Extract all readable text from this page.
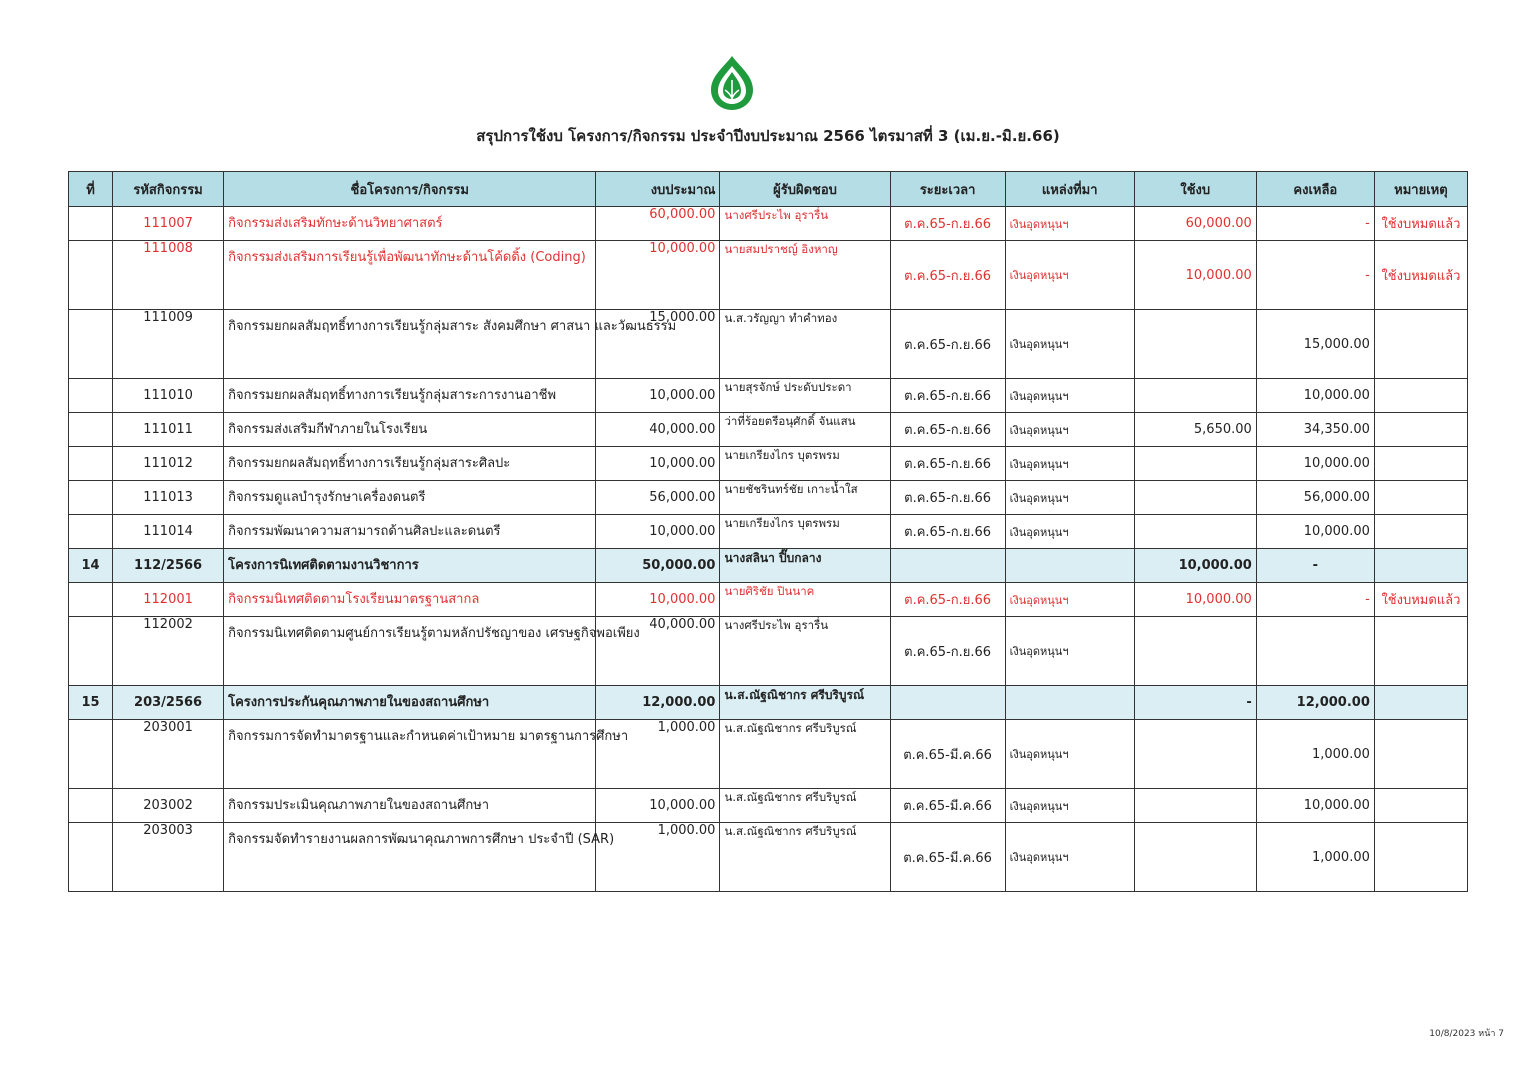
สรุปการใช้งบ โครงการ/กิจกรรม ประจำปีงบประมาณ 2566 ไตรมาสที่ 3 (เม.ย.-มิ.ย.66)
ที่	รหัสกิจกรรม	ชื่อโครงการ/กิจกรรม	งบประมาณ	ผู้รับผิดชอบ	ระยะเวลา	แหล่งที่มา	ใช้งบ	คงเหลือ	หมายเหตุ
	111007	กิจกรรมส่งเสริมทักษะด้านวิทยาศาสตร์	60,000.00	นางศรีประไพ อุรารื่น	ต.ค.65-ก.ย.66	เงินอุดหนุนฯ	60,000.00	-	ใช้งบหมดแล้ว
	111008	กิจกรรมส่งเสริมการเรียนรู้เพื่อพัฒนาทักษะด้านโค้ดดิ้ง (Coding)	10,000.00	นายสมปราชญ์ อิงหาญ	ต.ค.65-ก.ย.66	เงินอุดหนุนฯ	10,000.00	-	ใช้งบหมดแล้ว
	111009	กิจกรรมยกผลสัมฤทธิ์ทางการเรียนรู้กลุ่มสาระ สังคมศึกษา ศาสนา และวัฒนธรรม	15,000.00	น.ส.วรัญญา ทำคำทอง	ต.ค.65-ก.ย.66	เงินอุดหนุนฯ		15,000.00	
	111010	กิจกรรมยกผลสัมฤทธิ์ทางการเรียนรู้กลุ่มสาระการงานอาชีพ	10,000.00	นายสุรจักษ์ ประดับประดา	ต.ค.65-ก.ย.66	เงินอุดหนุนฯ		10,000.00	
	111011	กิจกรรมส่งเสริมกีฬาภายในโรงเรียน	40,000.00	ว่าที่ร้อยตรีอนุศักดิ์ จันแสน	ต.ค.65-ก.ย.66	เงินอุดหนุนฯ	5,650.00	34,350.00	
	111012	กิจกรรมยกผลสัมฤทธิ์ทางการเรียนรู้กลุ่มสาระศิลปะ	10,000.00	นายเกรียงไกร บุตรพรม	ต.ค.65-ก.ย.66	เงินอุดหนุนฯ		10,000.00	
	111013	กิจกรรมดูแลบำรุงรักษาเครื่องดนตรี	56,000.00	นายชัชรินทร์ชัย เกาะน้ำใส	ต.ค.65-ก.ย.66	เงินอุดหนุนฯ		56,000.00	
	111014	กิจกรรมพัฒนาความสามารถด้านศิลปะและดนตรี	10,000.00	นายเกรียงไกร บุตรพรม	ต.ค.65-ก.ย.66	เงินอุดหนุนฯ		10,000.00	
14	112/2566	โครงการนิเทศติดตามงานวิชาการ	50,000.00	นางสลินา ปิ๊บกลาง			10,000.00	-	
	112001	กิจกรรมนิเทศติดตามโรงเรียนมาตรฐานสากล	10,000.00	นายศิริชัย ปินนาค	ต.ค.65-ก.ย.66	เงินอุดหนุนฯ	10,000.00	-	ใช้งบหมดแล้ว
	112002	กิจกรรมนิเทศติดตามศูนย์การเรียนรู้ตามหลักปรัชญาของ เศรษฐกิจพอเพียง	40,000.00	นางศรีประไพ อุรารื่น	ต.ค.65-ก.ย.66	เงินอุดหนุนฯ			
15	203/2566	โครงการประกันคุณภาพภายในของสถานศึกษา	12,000.00	น.ส.ณัฐณิชากร ศรีบริบูรณ์			-	12,000.00	
	203001	กิจกรรมการจัดทำมาตรฐานและกำหนดค่าเป้าหมาย มาตรฐานการศึกษา	1,000.00	น.ส.ณัฐณิชากร ศรีบริบูรณ์	ต.ค.65-มี.ค.66	เงินอุดหนุนฯ		1,000.00	
	203002	กิจกรรมประเมินคุณภาพภายในของสถานศึกษา	10,000.00	น.ส.ณัฐณิชากร ศรีบริบูรณ์	ต.ค.65-มี.ค.66	เงินอุดหนุนฯ		10,000.00	
	203003	กิจกรรมจัดทำรายงานผลการพัฒนาคุณภาพการศึกษา ประจำปี (SAR)	1,000.00	น.ส.ณัฐณิชากร ศรีบริบูรณ์	ต.ค.65-มี.ค.66	เงินอุดหนุนฯ		1,000.00	
10/8/2023 หน้า 7
